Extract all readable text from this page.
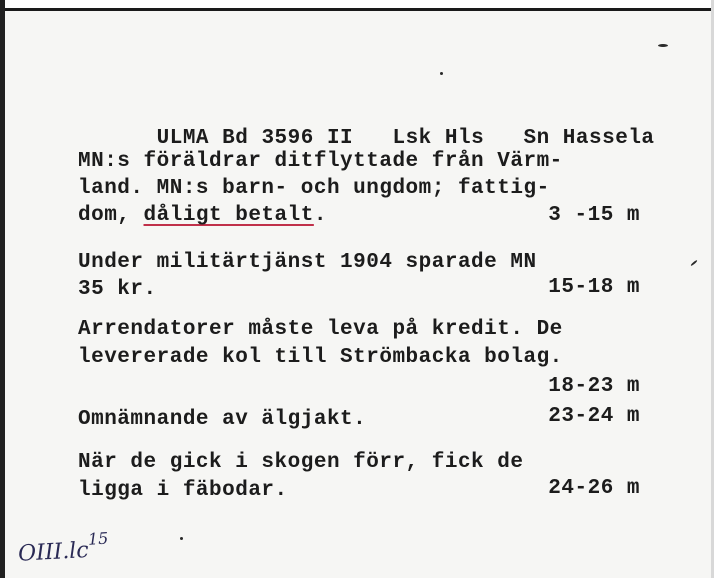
ULMA Bd 3596 II Lsk Hls Sn Hassela

MN:s föräldrar ditflyttade från Värm-
land. MN:s barn- och ungdom; fattig-
dom, dåligt betalt.	3 -15 m
Under militärtjänst 1904 sparade MN
35 kr.	15-18 m
Arrendatorer måste leva på kredit. De
levererade kol till Strömbacka bolag.
18-23 m
Omnämnande av älgjakt.	23-24 m
När de gick i skogen förr, fick de
ligga i fäbodar.	24-26 m
$OIII.lc^{15}$
